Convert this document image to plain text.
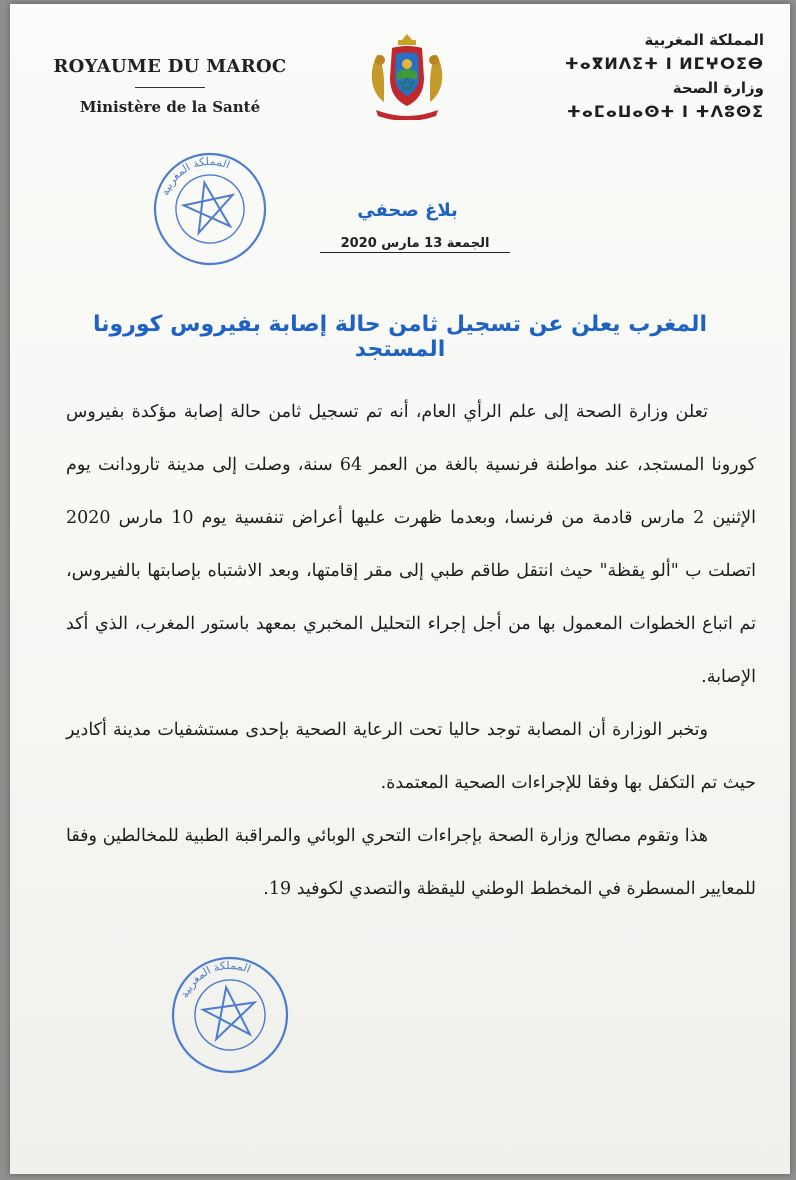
ROYAUME DU MAROC
Ministère de la Santé
المملكة المغربية
ⵜⴰⴳⵍⴷⵉⵜ ⵏ ⵍⵎⵖⵔⵉⴱ
وزارة الصحة
ⵜⴰⵎⴰⵡⴰⵙⵜ ⵏ ⵜⴷⵓⵙⵉ
المملكة المغربية
بلاغ صحفي
الجمعة 13 مارس 2020
المغرب يعلن عن تسجيل ثامن حالة إصابة بفيروس كورونا المستجد

تعلن وزارة الصحة إلى علم الرأي العام، أنه تم تسجيل ثامن حالة إصابة مؤكدة بفيروس كورونا المستجد، عند مواطنة فرنسية بالغة من العمر 64 سنة، وصلت إلى مدينة تارودانت يوم الإثنين 2 مارس قادمة من فرنسا، وبعدما ظهرت عليها أعراض تنفسية يوم 10 مارس 2020 اتصلت ب "ألو يقظة" حيث انتقل طاقم طبي إلى مقر إقامتها، وبعد الاشتباه بإصابتها بالفيروس، تم اتباع الخطوات المعمول بها من أجل إجراء التحليل المخبري بمعهد باستور المغرب، الذي أكد الإصابة.

وتخبر الوزارة أن المصابة توجد حاليا تحت الرعاية الصحية بإحدى مستشفيات مدينة أكادير حيث تم التكفل بها وفقا للإجراءات الصحية المعتمدة.

هذا وتقوم مصالح وزارة الصحة بإجراءات التحري الوبائي والمراقبة الطبية للمخالطين وفقا للمعايير المسطرة في المخطط الوطني لليقظة والتصدي لكوفيد 19.

المملكة المغربية
